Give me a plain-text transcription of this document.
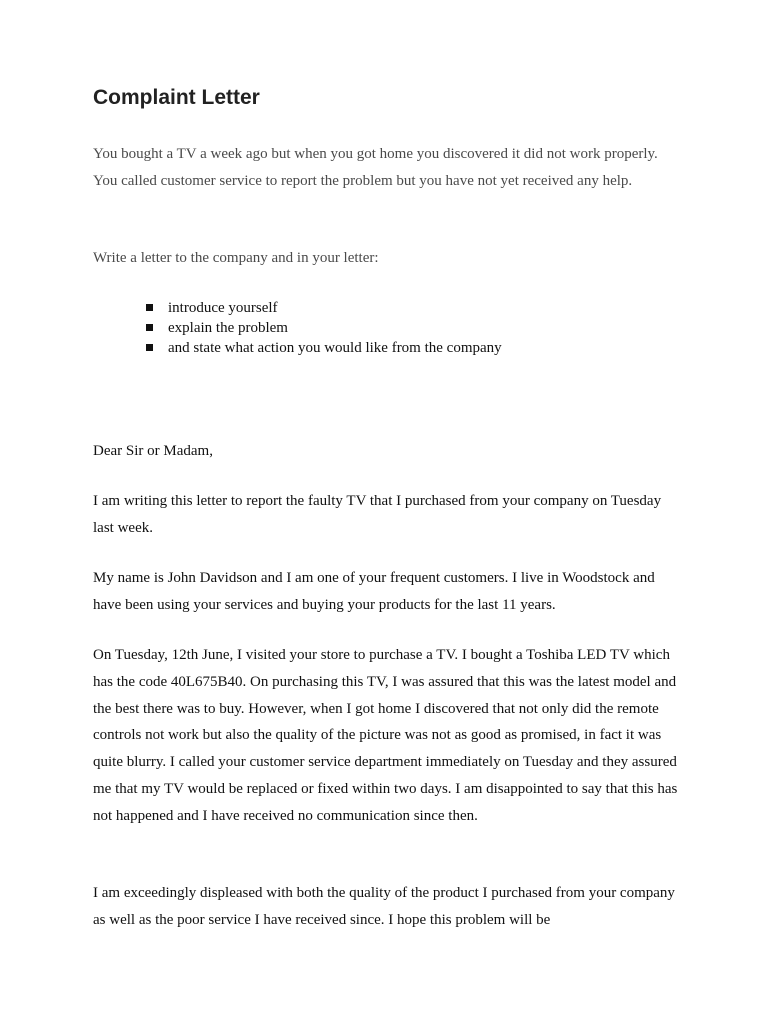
Complaint Letter

You bought a TV a week ago but when you got home you discovered it did not work properly. You called customer service to report the problem but you have not yet received any help.

Write a letter to the company and in your letter:

introduce yourself
explain the problem
and state what action you would like from the company

Dear Sir or Madam,

I am writing this letter to report the faulty TV that I purchased from your company on Tuesday last week.

My name is John Davidson and I am one of your frequent customers. I live in Woodstock and have been using your services and buying your products for the last 11 years.

On Tuesday, 12th June, I visited your store to purchase a TV. I bought a Toshiba LED TV which has the code 40L675B40. On purchasing this TV, I was assured that this was the latest model and the best there was to buy. However, when I got home I discovered that not only did the remote controls not work but also the quality of the picture was not as good as promised, in fact it was quite blurry. I called your customer service department immediately on Tuesday and they assured me that my TV would be replaced or fixed within two days. I am disappointed to say that this has not happened and I have received no communication since then.

I am exceedingly displeased with both the quality of the product I purchased from your company as well as the poor service I have received since. I hope this problem will be
